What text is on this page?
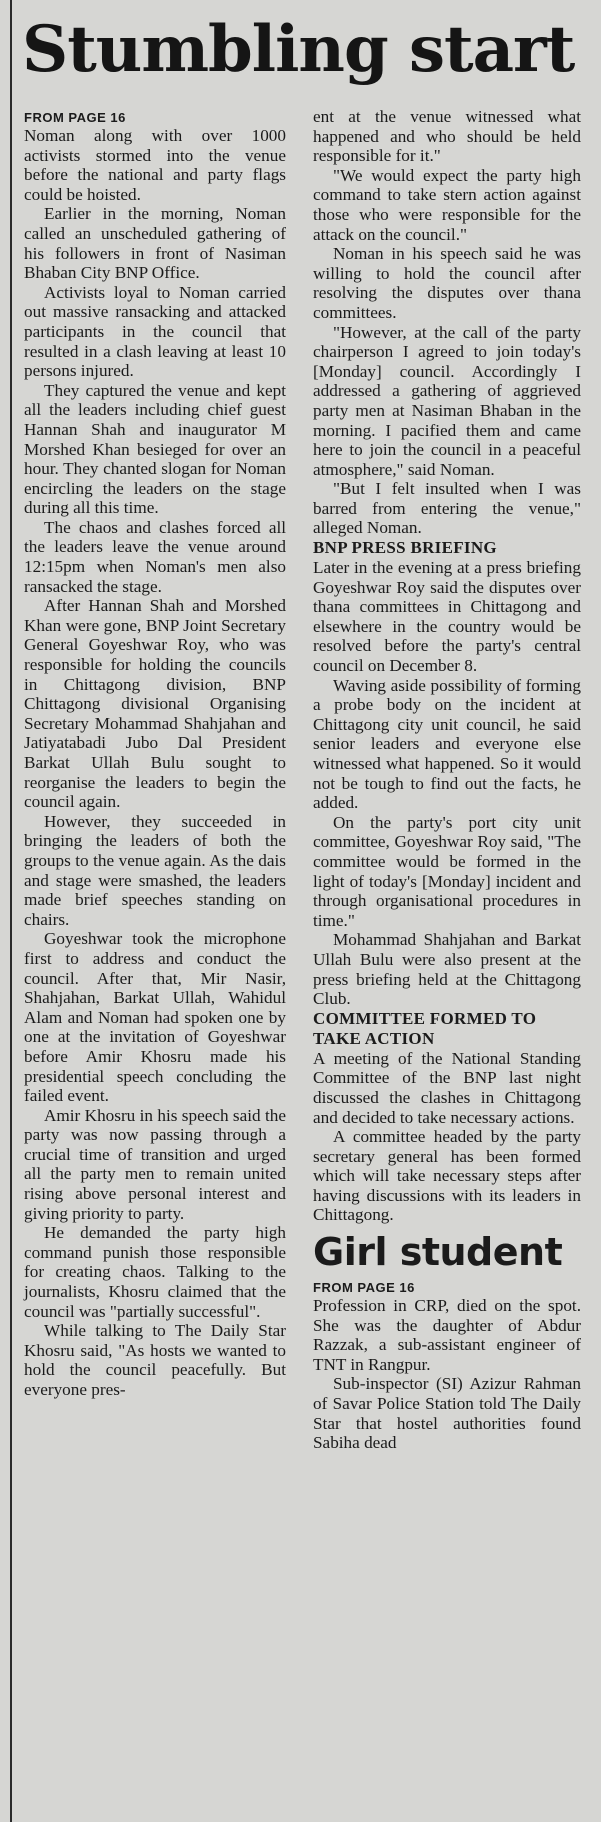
Stumbling start
FROM PAGE 16

Noman along with over 1000 activists stormed into the venue before the national and party flags could be hoisted.

Earlier in the morning, Noman called an unscheduled gathering of his followers in front of Nasiman Bhaban City BNP Office.

Activists loyal to Noman carried out massive ransacking and attacked participants in the council that resulted in a clash leaving at least 10 persons injured.

They captured the venue and kept all the leaders including chief guest Hannan Shah and inaugurator M Morshed Khan besieged for over an hour. They chanted slogan for Noman encircling the leaders on the stage during all this time.

The chaos and clashes forced all the leaders leave the venue around 12:15pm when Noman's men also ransacked the stage.

After Hannan Shah and Morshed Khan were gone, BNP Joint Secretary General Goyeshwar Roy, who was responsible for holding the councils in Chittagong division, BNP Chittagong divisional Organising Secretary Mohammad Shahjahan and Jatiyatabadi Jubo Dal President Barkat Ullah Bulu sought to reorganise the leaders to begin the council again.

However, they succeeded in bringing the leaders of both the groups to the venue again. As the dais and stage were smashed, the leaders made brief speeches standing on chairs.

Goyeshwar took the microphone first to address and conduct the council. After that, Mir Nasir, Shahjahan, Barkat Ullah, Wahidul Alam and Noman had spoken one by one at the invitation of Goyeshwar before Amir Khosru made his presidential speech concluding the failed event.

Amir Khosru in his speech said the party was now passing through a crucial time of transition and urged all the party men to remain united rising above personal interest and giving priority to party.

He demanded the party high command punish those responsible for creating chaos. Talking to the journalists, Khosru claimed that the council was "partially successful".

While talking to The Daily Star Khosru said, "As hosts we wanted to hold the council peacefully. But everyone pres-

ent at the venue witnessed what happened and who should be held responsible for it."

"We would expect the party high command to take stern action against those who were responsible for the attack on the council."

Noman in his speech said he was willing to hold the council after resolving the disputes over thana committees.

"However, at the call of the party chairperson I agreed to join today's [Monday] council. Accordingly I addressed a gathering of aggrieved party men at Nasiman Bhaban in the morning. I pacified them and came here to join the council in a peaceful atmosphere," said Noman.

"But I felt insulted when I was barred from entering the venue," alleged Noman.

BNP PRESS BRIEFING

Later in the evening at a press briefing Goyeshwar Roy said the disputes over thana committees in Chittagong and elsewhere in the country would be resolved before the party's central council on December 8.

Waving aside possibility of forming a probe body on the incident at Chittagong city unit council, he said senior leaders and everyone else witnessed what happened. So it would not be tough to find out the facts, he added.

On the party's port city unit committee, Goyeshwar Roy said, "The committee would be formed in the light of today's [Monday] incident and through organisational procedures in time."

Mohammad Shahjahan and Barkat Ullah Bulu were also present at the press briefing held at the Chittagong Club.

COMMITTEE FORMED TO TAKE ACTION

A meeting of the National Standing Committee of the BNP last night discussed the clashes in Chittagong and decided to take necessary actions.

A committee headed by the party secretary general has been formed which will take necessary steps after having discussions with its leaders in Chittagong.

Girl student
FROM PAGE 16

Profession in CRP, died on the spot. She was the daughter of Abdur Razzak, a sub-assistant engineer of TNT in Rangpur.

Sub-inspector (SI) Azizur Rahman of Savar Police Station told The Daily Star that hostel authorities found Sabiha dead
